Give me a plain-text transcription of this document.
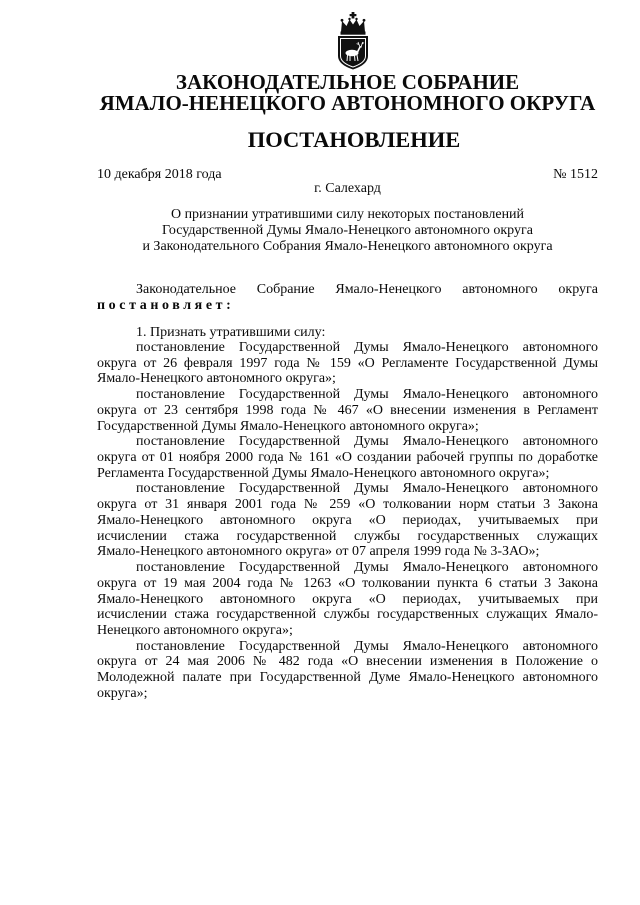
ЗАКОНОДАТЕЛЬНОЕ СОБРАНИЕ
ЯМАЛО-НЕНЕЦКОГО АВТОНОМНОГО ОКРУГА
ПОСТАНОВЛЕНИЕ
10 декабря 2018 года	№ 1512
г. Салехард
О признании утратившими силу некоторых постановлений
Государственной Думы Ямало-Ненецкого автономного округа
и Законодательного Собрания Ямало-Ненецкого автономного округа
Законодательное Собрание Ямало-Ненецкого автономного округа
постановляет:
1. Признать утратившими силу:
постановление Государственной Думы Ямало-Ненецкого автономного
округа от 26 февраля 1997 года № 159 «О Регламенте Государственной Думы
Ямало-Ненецкого автономного округа»;
постановление Государственной Думы Ямало-Ненецкого автономного
округа от 23 сентября 1998 года № 467 «О внесении изменения в Регламент
Государственной Думы Ямало-Ненецкого автономного округа»;
постановление Государственной Думы Ямало-Ненецкого автономного
округа от 01 ноября 2000 года № 161 «О создании рабочей группы по доработке
Регламента Государственной Думы Ямало-Ненецкого автономного округа»;
постановление Государственной Думы Ямало-Ненецкого автономного
округа от 31 января 2001 года № 259 «О толковании норм статьи 3 Закона
Ямало-Ненецкого автономного округа «О периодах, учитываемых при
исчислении стажа государственной службы государственных служащих
Ямало-Ненецкого автономного округа» от 07 апреля 1999 года № 3-ЗАО»;
постановление Государственной Думы Ямало-Ненецкого автономного
округа от 19 мая 2004 года № 1263 «О толковании пункта 6 статьи 3 Закона
Ямало-Ненецкого автономного округа «О периодах, учитываемых при
исчислении стажа государственной службы государственных служащих Ямало-
Ненецкого автономного округа»;
постановление Государственной Думы Ямало-Ненецкого автономного
округа от 24 мая 2006 № 482 года «О внесении изменения в Положение о
Молодежной палате при Государственной Думе Ямало-Ненецкого автономного
округа»;
